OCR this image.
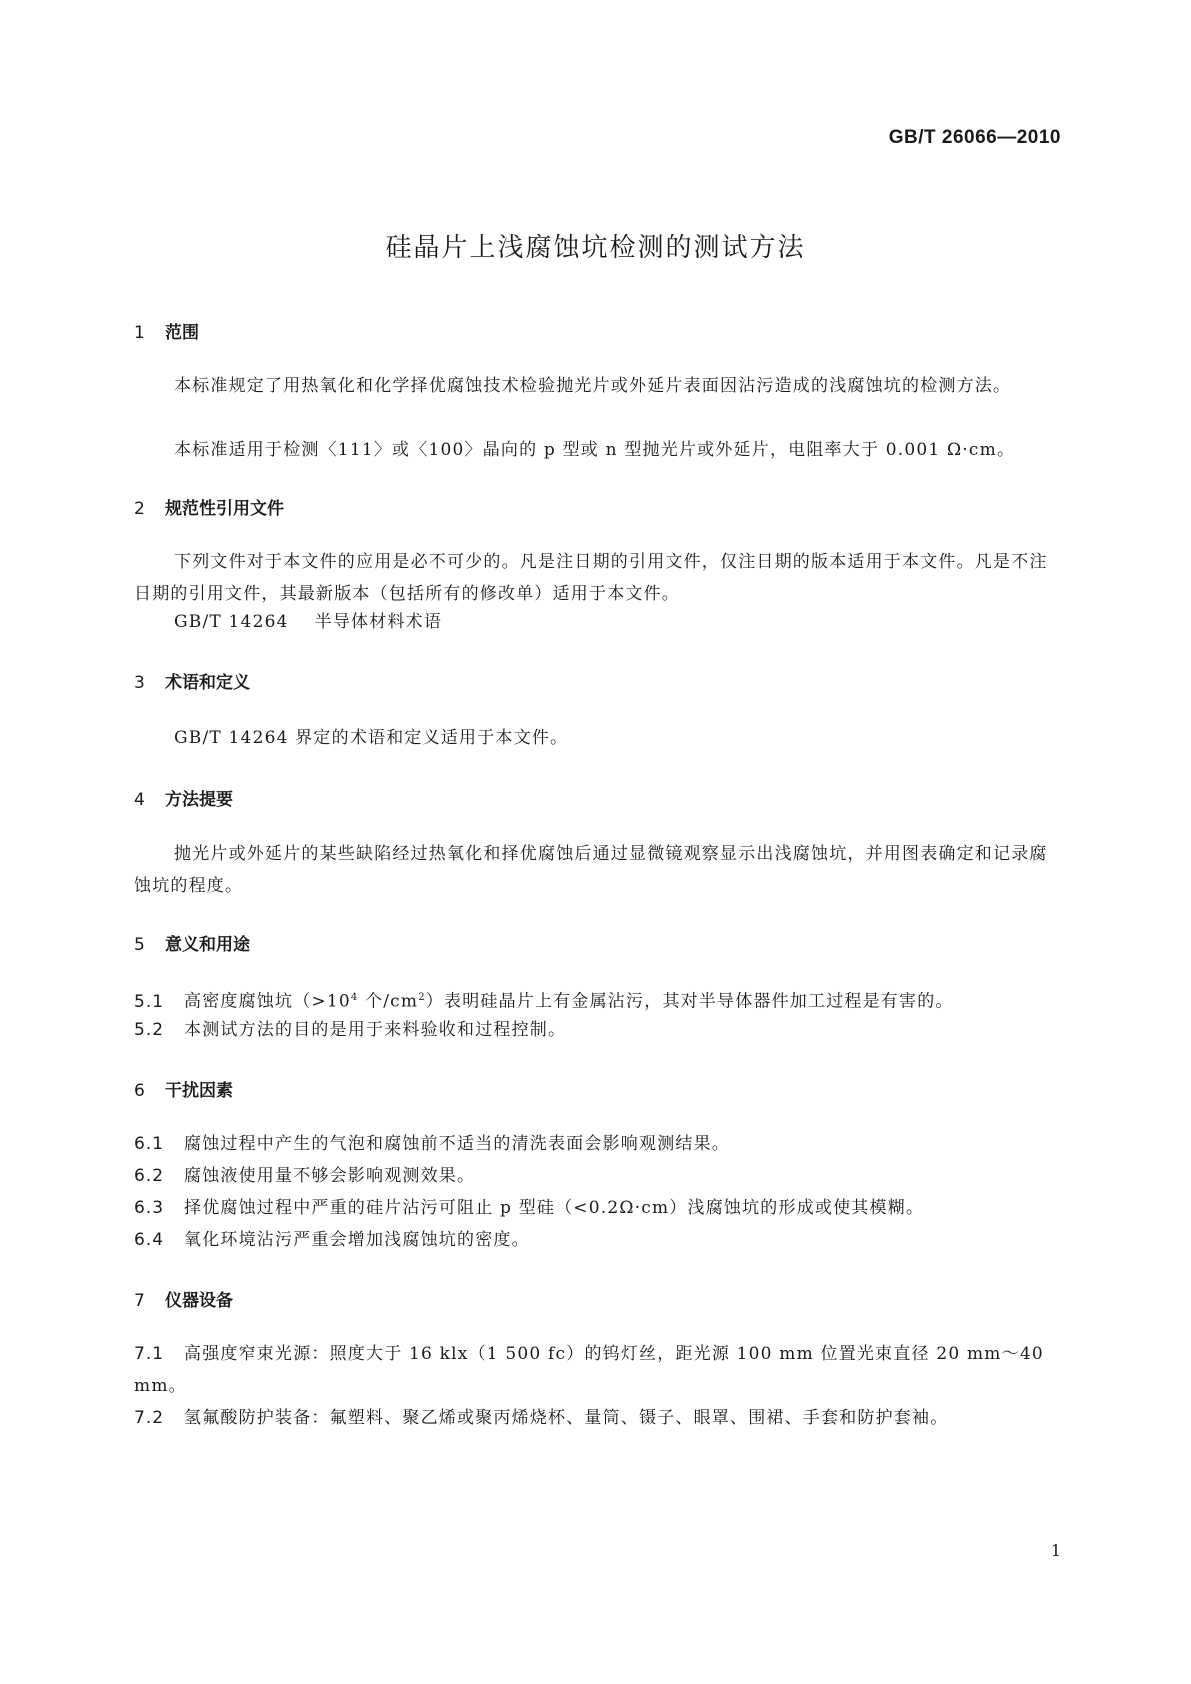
GB/T 26066—2010
硅晶片上浅腐蚀坑检测的测试方法
1 范围
本标准规定了用热氧化和化学择优腐蚀技术检验抛光片或外延片表面因沾污造成的浅腐蚀坑的检测方法。
本标准适用于检测〈111〉或〈100〉晶向的 p 型或 n 型抛光片或外延片，电阻率大于 0.001 Ω·cm。
2 规范性引用文件
下列文件对于本文件的应用是必不可少的。凡是注日期的引用文件，仅注日期的版本适用于本文件。凡是不注日期的引用文件，其最新版本（包括所有的修改单）适用于本文件。
GB/T 14264 半导体材料术语
3 术语和定义
GB/T 14264 界定的术语和定义适用于本文件。
4 方法提要
抛光片或外延片的某些缺陷经过热氧化和择优腐蚀后通过显微镜观察显示出浅腐蚀坑，并用图表确定和记录腐蚀坑的程度。
5 意义和用途
5.1 高密度腐蚀坑（$>10^4$ 个$/cm^2$）表明硅晶片上有金属沾污，其对半导体器件加工过程是有害的。
5.2 本测试方法的目的是用于来料验收和过程控制。
6 干扰因素
6.1 腐蚀过程中产生的气泡和腐蚀前不适当的清洗表面会影响观测结果。
6.2 腐蚀液使用量不够会影响观测效果。
6.3 择优腐蚀过程中严重的硅片沾污可阻止 p 型硅（<0.2Ω·cm）浅腐蚀坑的形成或使其模糊。
6.4 氧化环境沾污严重会增加浅腐蚀坑的密度。
7 仪器设备
7.1 高强度窄束光源：照度大于 16 klx（1 500 fc）的钨灯丝，距光源 100 mm 位置光束直径 20 mm～40 mm。
7.2 氢氟酸防护装备：氟塑料、聚乙烯或聚丙烯烧杯、量筒、镊子、眼罩、围裙、手套和防护套袖。
1
